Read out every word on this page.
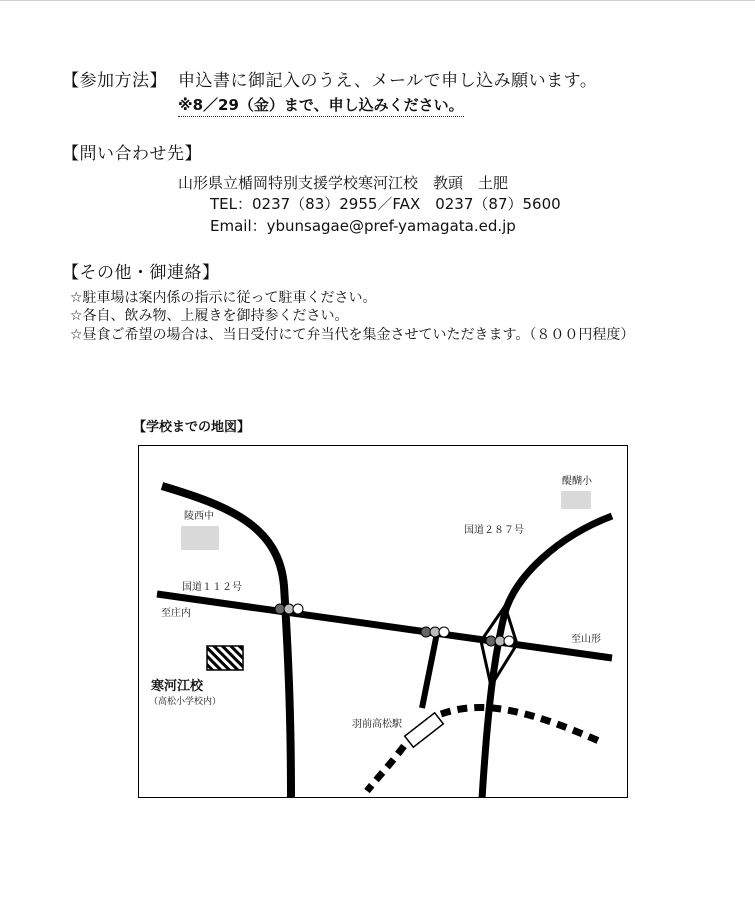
【参加方法】 申込書に御記入のうえ、メールで申し込み願います。
※8／29（金）まで、申し込みください。
【問い合わせ先】
山形県立楯岡特別支援学校寒河江校　教頭　土肥
TEL：0237（83）2955／FAX　0237（87）5600
Email：ybunsagae@pref-yamagata.ed.jp
【その他・御連絡】
☆駐車場は案内係の指示に従って駐車ください。
☆各自、飲み物、上履きを御持参ください。
☆昼食ご希望の場合は、当日受付にて弁当代を集金させていただきます。（８００円程度）
【学校までの地図】
陵西中
醍醐小
国道２８７号
国道１１２号
至庄内
至山形
寒河江校
（高松小学校内）
羽前高松駅
